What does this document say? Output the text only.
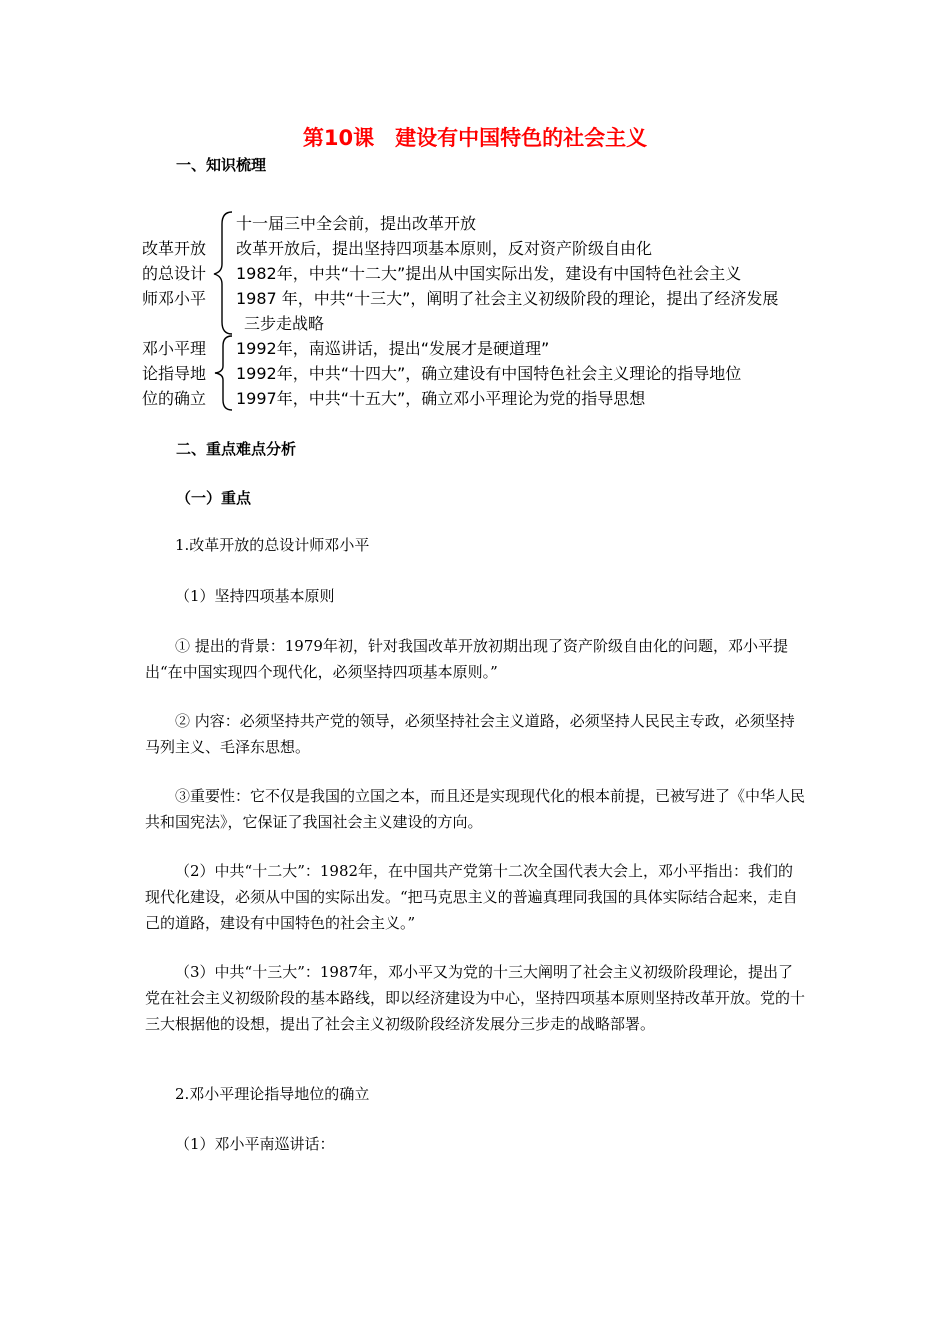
第10课　建设有中国特色的社会主义
一、知识梳理
改革开放
的总设计
师邓小平
十一届三中全会前，提出改革开放
改革开放后，提出坚持四项基本原则，反对资产阶级自由化
1982年，中共“十二大”提出从中国实际出发，建设有中国特色社会主义
1987 年，中共“十三大”，阐明了社会主义初级阶段的理论，提出了经济发展
三步走战略
邓小平理
论指导地
位的确立
1992年，南巡讲话，提出“发展才是硬道理”
1992年，中共“十四大”，确立建设有中国特色社会主义理论的指导地位
1997年，中共“十五大”，确立邓小平理论为党的指导思想
二、重点难点分析
（一）重点
1.改革开放的总设计师邓小平
（1）坚持四项基本原则
① 提出的背景：1979年初，针对我国改革开放初期出现了资产阶级自由化的问题，邓小平提出“在中国实现四个现代化，必须坚持四项基本原则。”
② 内容：必须坚持共产党的领导，必须坚持社会主义道路，必须坚持人民民主专政，必须坚持马列主义、毛泽东思想。
③重要性：它不仅是我国的立国之本，而且还是实现现代化的根本前提，已被写进了《中华人民共和国宪法》，它保证了我国社会主义建设的方向。
（2）中共“十二大”：1982年，在中国共产党第十二次全国代表大会上，邓小平指出：我们的现代化建设，必须从中国的实际出发。“把马克思主义的普遍真理同我国的具体实际结合起来，走自己的道路，建设有中国特色的社会主义。”
（3）中共“十三大”：1987年，邓小平又为党的十三大阐明了社会主义初级阶段理论，提出了党在社会主义初级阶段的基本路线，即以经济建设为中心，坚持四项基本原则坚持改革开放。党的十三大根据他的设想，提出了社会主义初级阶段经济发展分三步走的战略部署。
2.邓小平理论指导地位的确立
（1）邓小平南巡讲话：
